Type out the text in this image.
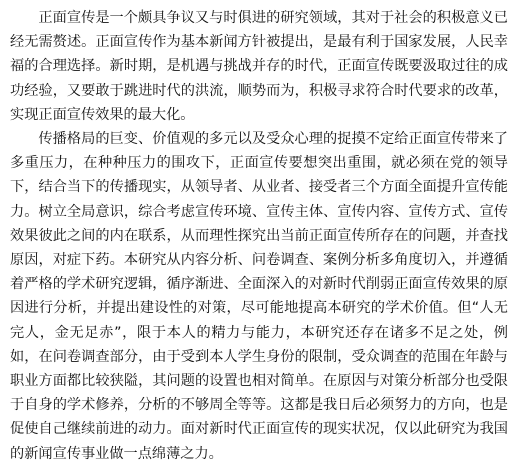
正面宣传是一个颇具争议又与时俱进的研究领域，其对于社会的积极意义已经无需赘述。正面宣传作为基本新闻方针被提出，是最有利于国家发展，人民幸福的合理选择。新时期，是机遇与挑战并存的时代，正面宣传既要汲取过往的成功经验，又要敢于跳进时代的洪流，顺势而为，积极寻求符合时代要求的改革，实现正面宣传效果的最大化。

传播格局的巨变、价值观的多元以及受众心理的捉摸不定给正面宣传带来了多重压力，在种种压力的围攻下，正面宣传要想突出重围，就必须在党的领导下，结合当下的传播现实，从领导者、从业者、接受者三个方面全面提升宣传能力。树立全局意识，综合考虑宣传环境、宣传主体、宣传内容、宣传方式、宣传效果彼此之间的内在联系，从而理性探究出当前正面宣传所存在的问题，并查找原因，对症下药。本研究从内容分析、问卷调查、案例分析多角度切入，并遵循着严格的学术研究逻辑，循序渐进、全面深入的对新时代削弱正面宣传效果的原因进行分析，并提出建设性的对策，尽可能地提高本研究的学术价值。但“人无完人，金无足赤”，限于本人的精力与能力，本研究还存在诸多不足之处，例如，在问卷调查部分，由于受到本人学生身份的限制，受众调查的范围在年龄与职业方面都比较狭隘，其问题的设置也相对简单。在原因与对策分析部分也受限于自身的学术修养，分析的不够周全等等。这都是我日后必须努力的方向，也是促使自己继续前进的动力。面对新时代正面宣传的现实状况，仅以此研究为我国的新闻宣传事业做一点绵薄之力。
